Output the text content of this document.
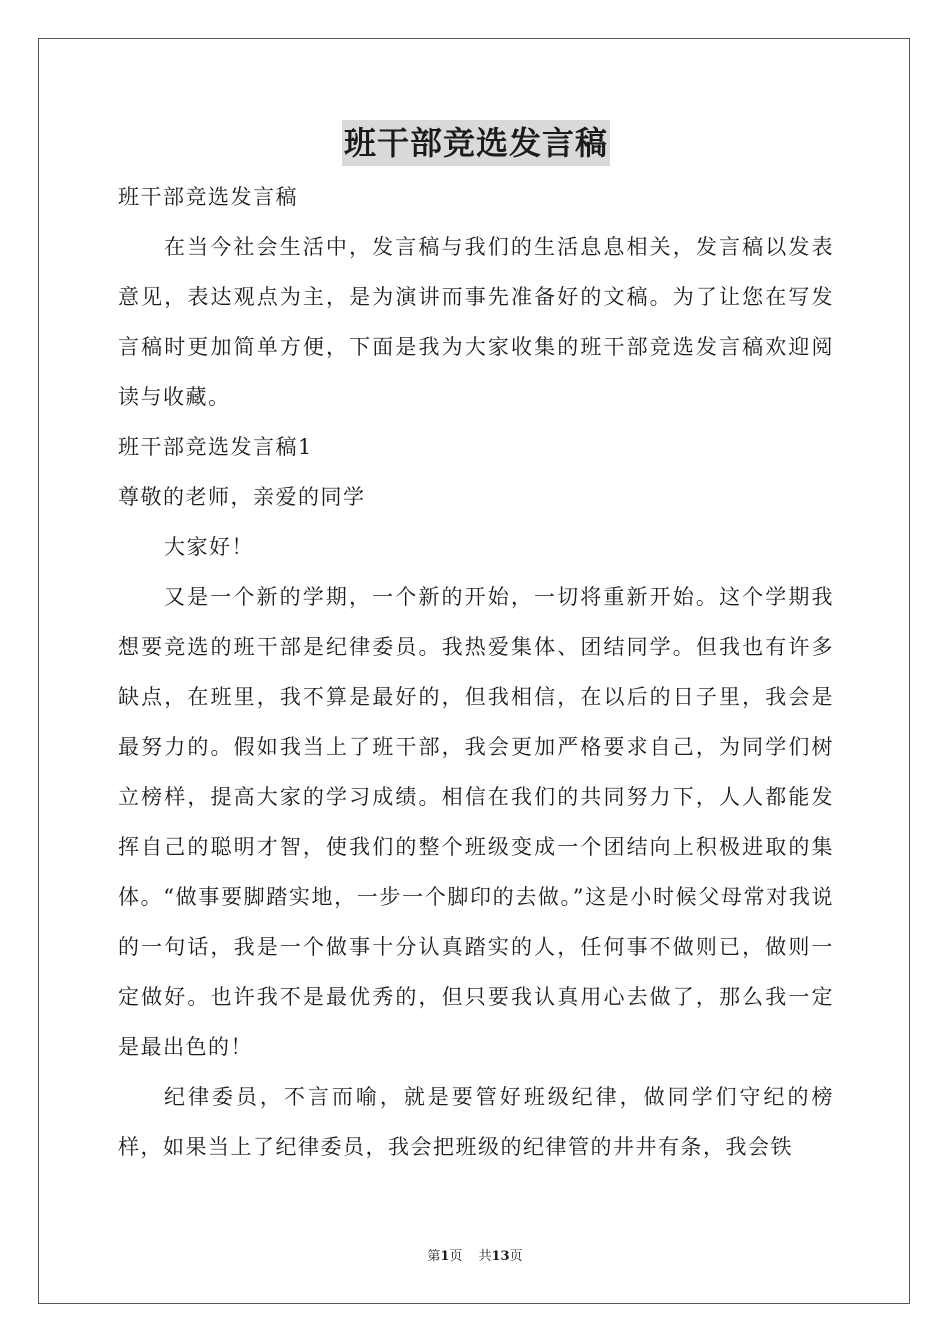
班干部竞选发言稿

班干部竞选发言稿

在当今社会生活中，发言稿与我们的生活息息相关，发言稿以发表意见，表达观点为主，是为演讲而事先准备好的文稿。为了让您在写发言稿时更加简单方便，下面是我为大家收集的班干部竞选发言稿欢迎阅读与收藏。

班干部竞选发言稿1

尊敬的老师，亲爱的同学

大家好！

又是一个新的学期，一个新的开始，一切将重新开始。这个学期我想要竞选的班干部是纪律委员。我热爱集体、团结同学。但我也有许多缺点，在班里，我不算是最好的，但我相信，在以后的日子里，我会是最努力的。假如我当上了班干部，我会更加严格要求自己，为同学们树立榜样，提高大家的学习成绩。相信在我们的共同努力下，人人都能发挥自己的聪明才智，使我们的整个班级变成一个团结向上积极进取的集体。“做事要脚踏实地，一步一个脚印的去做。”这是小时候父母常对我说的一句话，我是一个做事十分认真踏实的人，任何事不做则已，做则一定做好。也许我不是最优秀的，但只要我认真用心去做了，那么我一定是最出色的！

纪律委员，不言而喻，就是要管好班级纪律，做同学们守纪的榜样，如果当上了纪律委员，我会把班级的纪律管的井井有条，我会铁

第1页 共13页
